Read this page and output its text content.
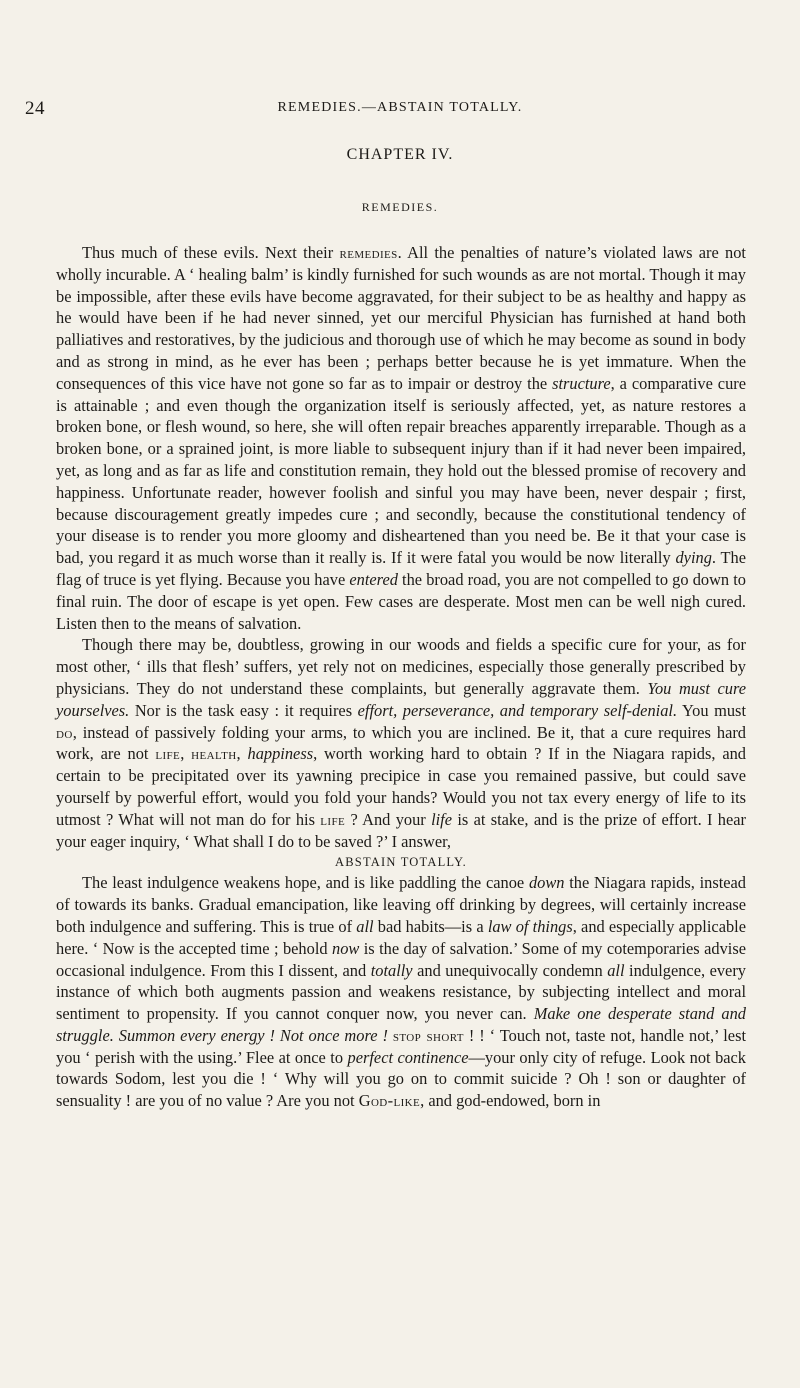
24	REMEDIES.—ABSTAIN TOTALLY.
CHAPTER IV.
REMEDIES.

Thus much of these evils. Next their remedies. All the penalties of nature’s violated laws are not wholly incurable. A ‘ healing balm’ is kindly furnished for such wounds as are not mortal. Though it may be impossible, after these evils have become aggravated, for their subject to be as healthy and happy as he would have been if he had never sinned, yet our merciful Physician has furnished at hand both palliatives and restoratives, by the judicious and thorough use of which he may become as sound in body and as strong in mind, as he ever has been ; perhaps better because he is yet immature. When the consequences of this vice have not gone so far as to impair or destroy the structure, a comparative cure is attainable ; and even though the organization itself is seriously affected, yet, as nature restores a broken bone, or flesh wound, so here, she will often repair breaches apparently irreparable. Though as a broken bone, or a sprained joint, is more liable to subsequent injury than if it had never been impaired, yet, as long and as far as life and constitution remain, they hold out the blessed promise of recovery and happiness. Unfortunate reader, however foolish and sinful you may have been, never despair ; first, because discouragement greatly impedes cure ; and secondly, because the constitutional tendency of your disease is to render you more gloomy and disheartened than you need be. Be it that your case is bad, you regard it as much worse than it really is. If it were fatal you would be now literally dying. The flag of truce is yet flying. Because you have entered the broad road, you are not compelled to go down to final ruin. The door of escape is yet open. Few cases are desperate. Most men can be well nigh cured. Listen then to the means of salvation.

Though there may be, doubtless, growing in our woods and fields a specific cure for your, as for most other, ‘ ills that flesh’ suffers, yet rely not on medicines, especially those generally prescribed by physicians. They do not understand these complaints, but generally aggravate them. You must cure yourselves. Nor is the task easy : it requires effort, perseverance, and temporary self-denial. You must do, instead of passively folding your arms, to which you are inclined. Be it, that a cure requires hard work, are not life, health, happiness, worth working hard to obtain ? If in the Niagara rapids, and certain to be precipitated over its yawning precipice in case you remained passive, but could save yourself by powerful effort, would you fold your hands? Would you not tax every energy of life to its utmost ? What will not man do for his life ? And your life is at stake, and is the prize of effort. I hear your eager inquiry, ‘ What shall I do to be saved ?’ I answer,

ABSTAIN TOTALLY.

The least indulgence weakens hope, and is like paddling the canoe down the Niagara rapids, instead of towards its banks. Gradual emancipation, like leaving off drinking by degrees, will certainly increase both indulgence and suffering. This is true of all bad habits—is a law of things, and especially applicable here. ‘ Now is the accepted time ; behold now is the day of salvation.’ Some of my cotemporaries advise occasional indulgence. From this I dissent, and totally and unequivocally condemn all indulgence, every instance of which both augments passion and weakens resistance, by subjecting intellect and moral sentiment to propensity. If you cannot conquer now, you never can. Make one desperate stand and struggle. Summon every energy ! Not once more ! stop short ! ! ‘ Touch not, taste not, handle not,’ lest you ‘ perish with the using.’ Flee at once to perfect continence—your only city of refuge. Look not back towards Sodom, lest you die ! ‘ Why will you go on to commit suicide ? Oh ! son or daughter of sensuality ! are you of no value ? Are you not God-like, and god-endowed, born in
